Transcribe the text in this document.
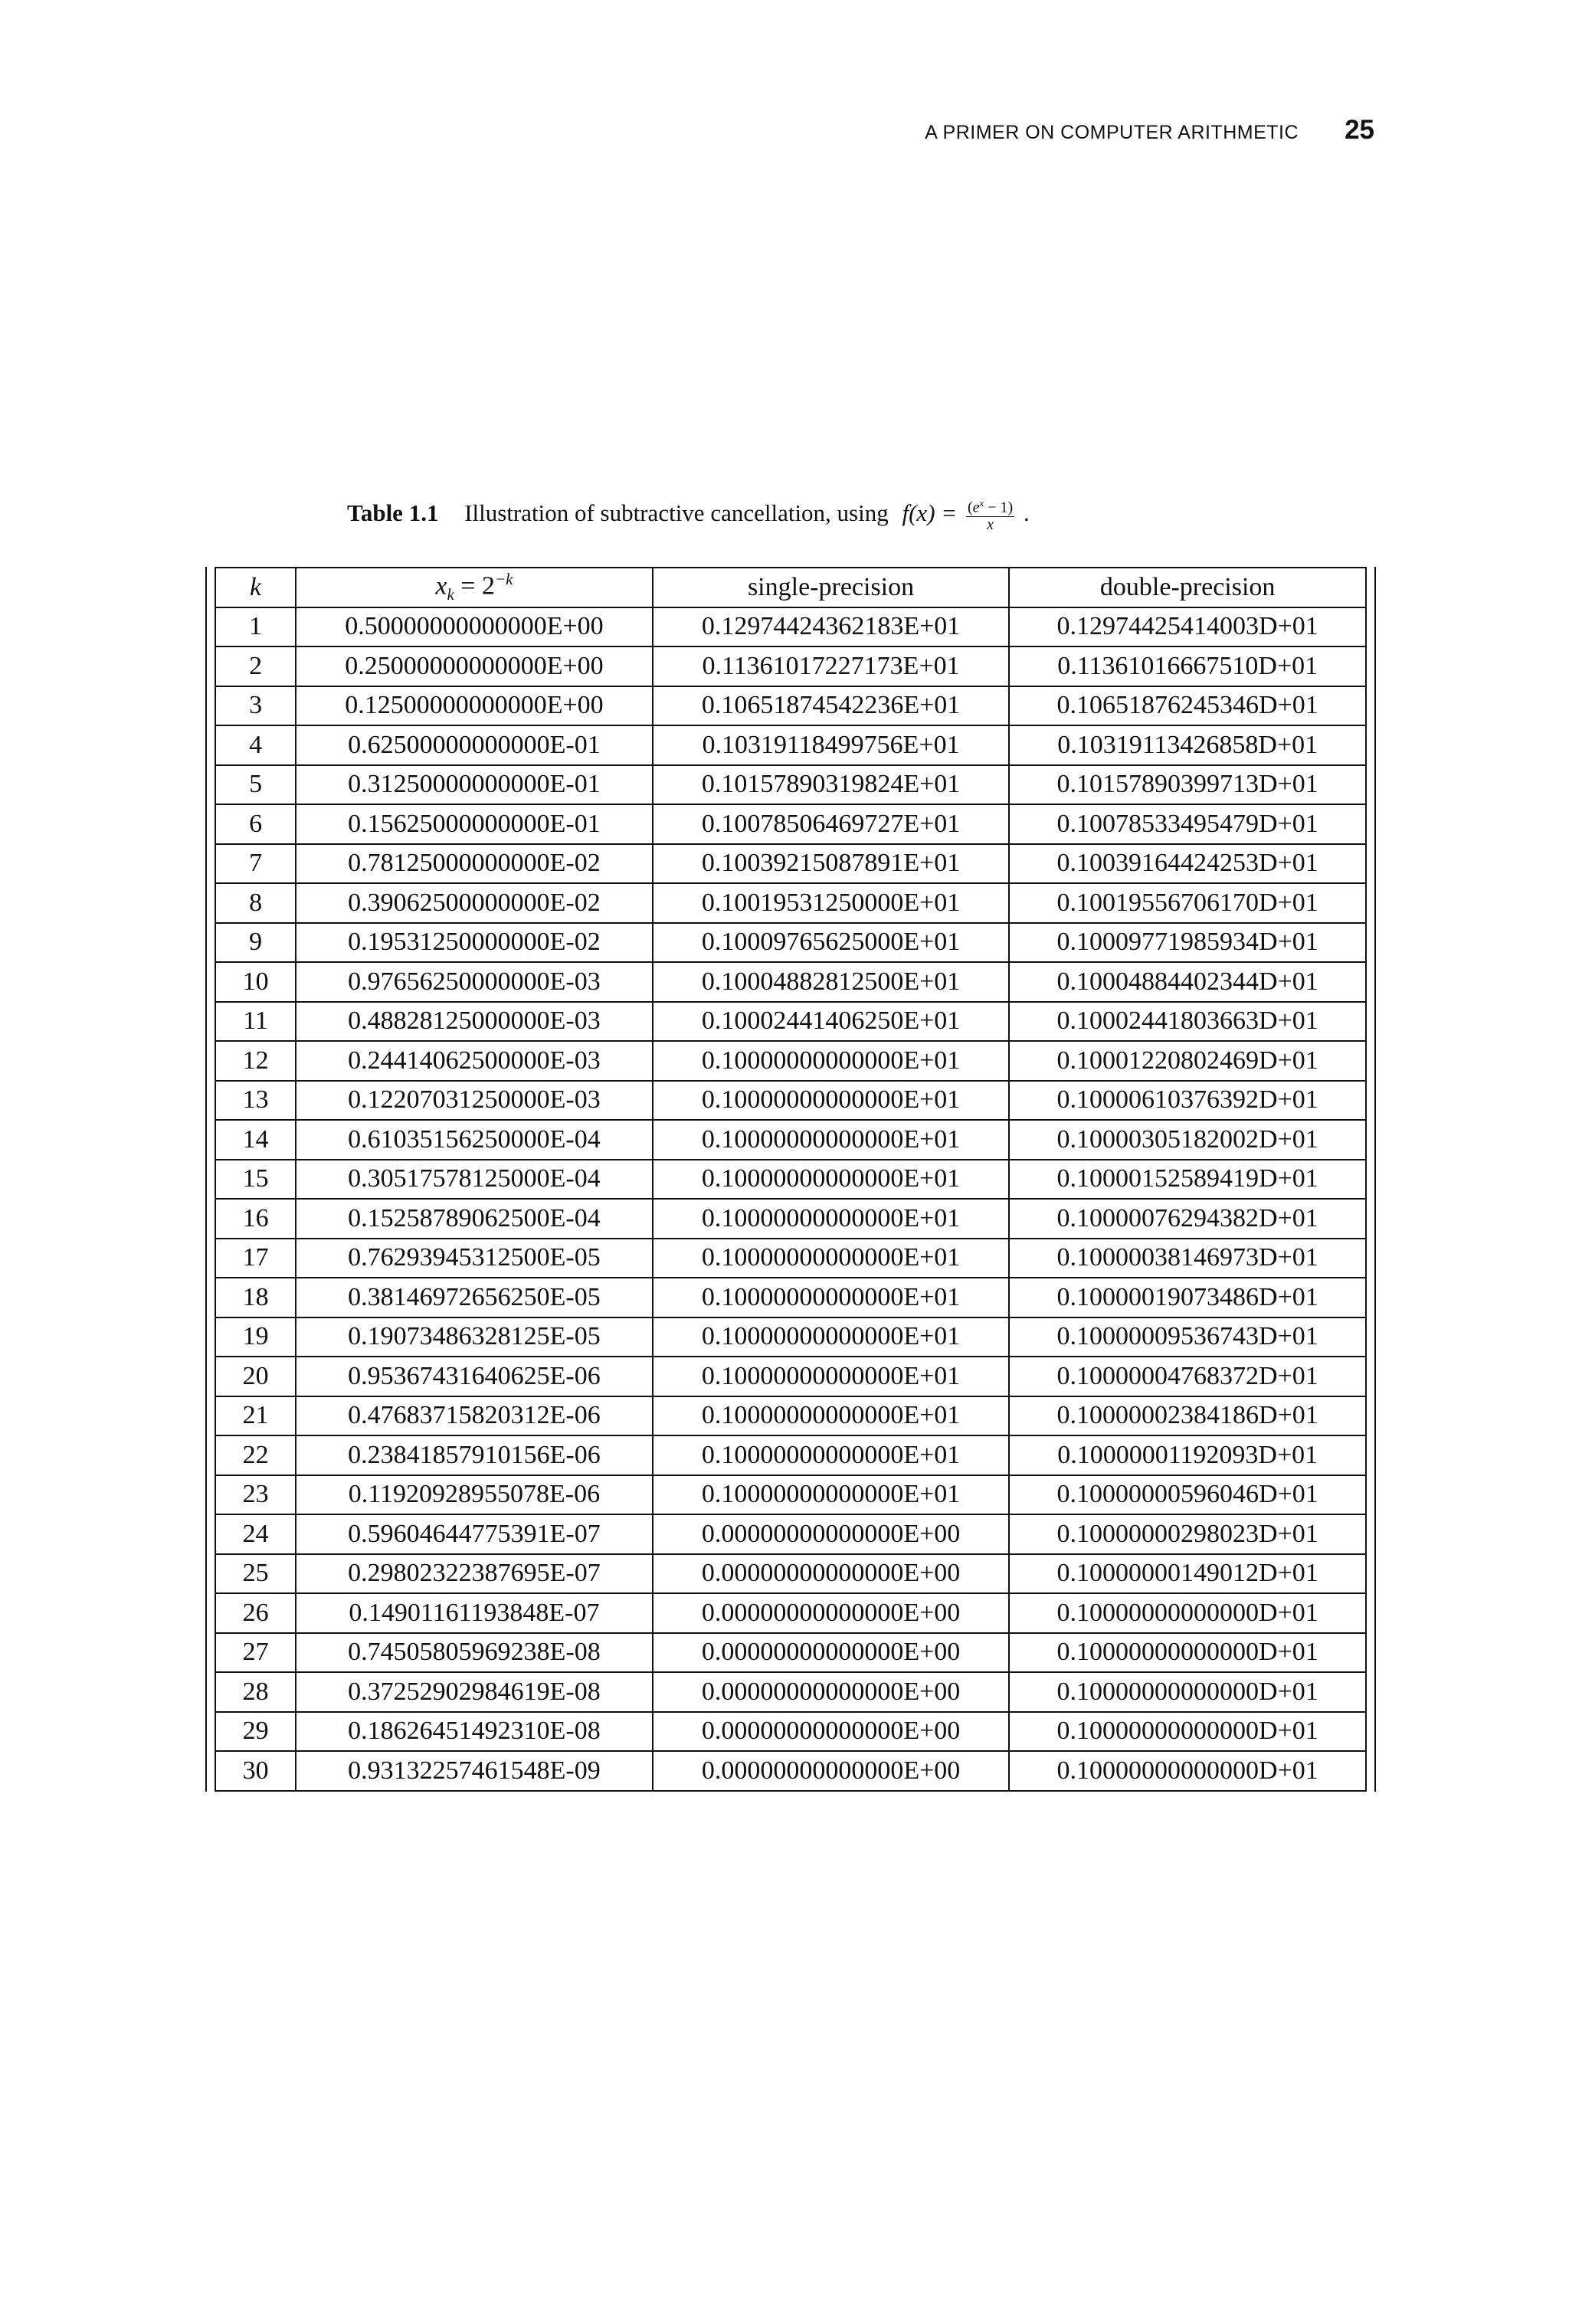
A PRIMER ON COMPUTER ARITHMETIC 25
Table 1.1 Illustration of subtractive cancellation, using $f(x) = \frac{(e^x - 1)}{x}$ .
k	$x_k = 2^{-k}$	single-precision	double-precision
1	0.50000000000000E+00	0.12974424362183E+01	0.12974425414003D+01
2	0.25000000000000E+00	0.11361017227173E+01	0.11361016667510D+01
3	0.12500000000000E+00	0.10651874542236E+01	0.10651876245346D+01
4	0.62500000000000E-01	0.10319118499756E+01	0.10319113426858D+01
5	0.31250000000000E-01	0.10157890319824E+01	0.10157890399713D+01
6	0.15625000000000E-01	0.10078506469727E+01	0.10078533495479D+01
7	0.78125000000000E-02	0.10039215087891E+01	0.10039164424253D+01
8	0.39062500000000E-02	0.10019531250000E+01	0.10019556706170D+01
9	0.19531250000000E-02	0.10009765625000E+01	0.10009771985934D+01
10	0.97656250000000E-03	0.10004882812500E+01	0.10004884402344D+01
11	0.48828125000000E-03	0.10002441406250E+01	0.10002441803663D+01
12	0.24414062500000E-03	0.10000000000000E+01	0.10001220802469D+01
13	0.12207031250000E-03	0.10000000000000E+01	0.10000610376392D+01
14	0.61035156250000E-04	0.10000000000000E+01	0.10000305182002D+01
15	0.30517578125000E-04	0.10000000000000E+01	0.10000152589419D+01
16	0.15258789062500E-04	0.10000000000000E+01	0.10000076294382D+01
17	0.76293945312500E-05	0.10000000000000E+01	0.10000038146973D+01
18	0.38146972656250E-05	0.10000000000000E+01	0.10000019073486D+01
19	0.19073486328125E-05	0.10000000000000E+01	0.10000009536743D+01
20	0.95367431640625E-06	0.10000000000000E+01	0.10000004768372D+01
21	0.47683715820312E-06	0.10000000000000E+01	0.10000002384186D+01
22	0.23841857910156E-06	0.10000000000000E+01	0.10000001192093D+01
23	0.11920928955078E-06	0.10000000000000E+01	0.10000000596046D+01
24	0.59604644775391E-07	0.00000000000000E+00	0.10000000298023D+01
25	0.29802322387695E-07	0.00000000000000E+00	0.10000000149012D+01
26	0.14901161193848E-07	0.00000000000000E+00	0.10000000000000D+01
27	0.74505805969238E-08	0.00000000000000E+00	0.10000000000000D+01
28	0.37252902984619E-08	0.00000000000000E+00	0.10000000000000D+01
29	0.18626451492310E-08	0.00000000000000E+00	0.10000000000000D+01
30	0.93132257461548E-09	0.00000000000000E+00	0.10000000000000D+01
